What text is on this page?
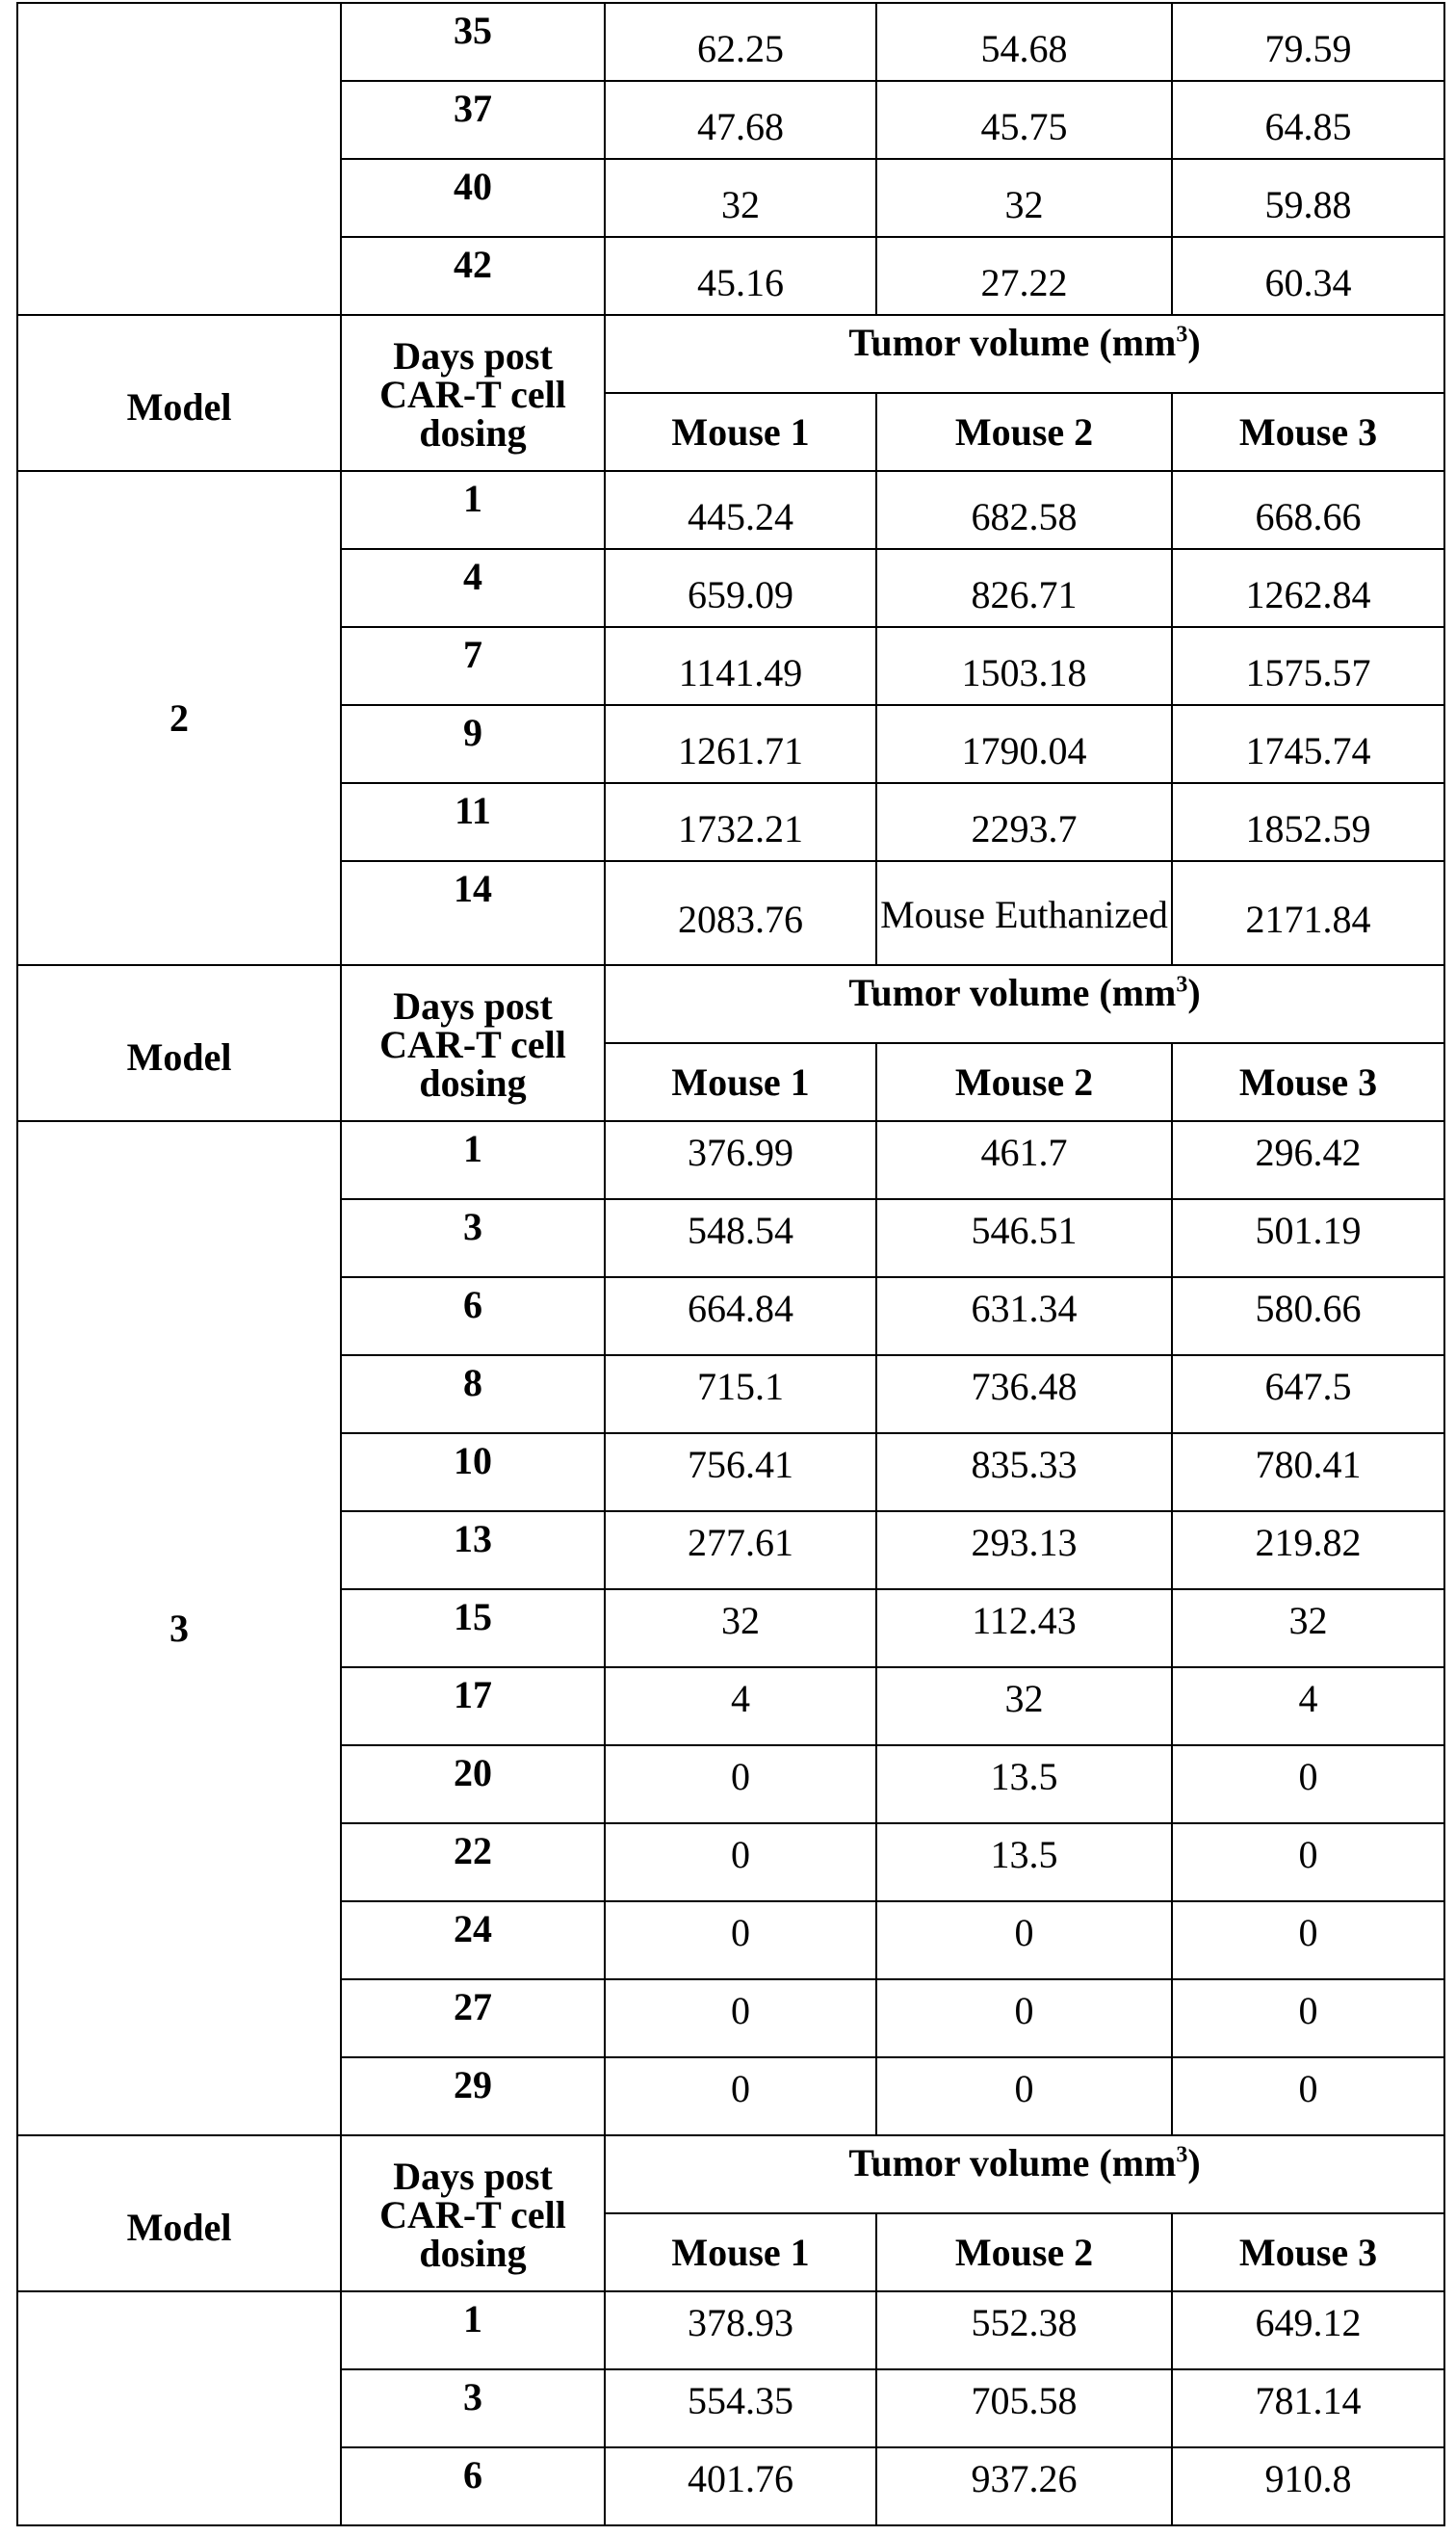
	35	62.25	54.68	79.59
37	47.68	45.75	64.85
40	32	32	59.88
42	45.16	27.22	60.34
Model	Days post CAR-T cell dosing	Tumor volume (mm3)
Mouse 1	Mouse 2	Mouse 3
2	1	445.24	682.58	668.66
4	659.09	826.71	1262.84
7	1141.49	1503.18	1575.57
9	1261.71	1790.04	1745.74
11	1732.21	2293.7	1852.59
14	2083.76	Mouse Euthanized	2171.84
Model	Days post CAR-T cell dosing	Tumor volume (mm3)
Mouse 1	Mouse 2	Mouse 3
3	1	376.99	461.7	296.42
3	548.54	546.51	501.19
6	664.84	631.34	580.66
8	715.1	736.48	647.5
10	756.41	835.33	780.41
13	277.61	293.13	219.82
15	32	112.43	32
17	4	32	4
20	0	13.5	0
22	0	13.5	0
24	0	0	0
27	0	0	0
29	0	0	0
Model	Days post CAR-T cell dosing	Tumor volume (mm3)
Mouse 1	Mouse 2	Mouse 3
	1	378.93	552.38	649.12
3	554.35	705.58	781.14
6	401.76	937.26	910.8
